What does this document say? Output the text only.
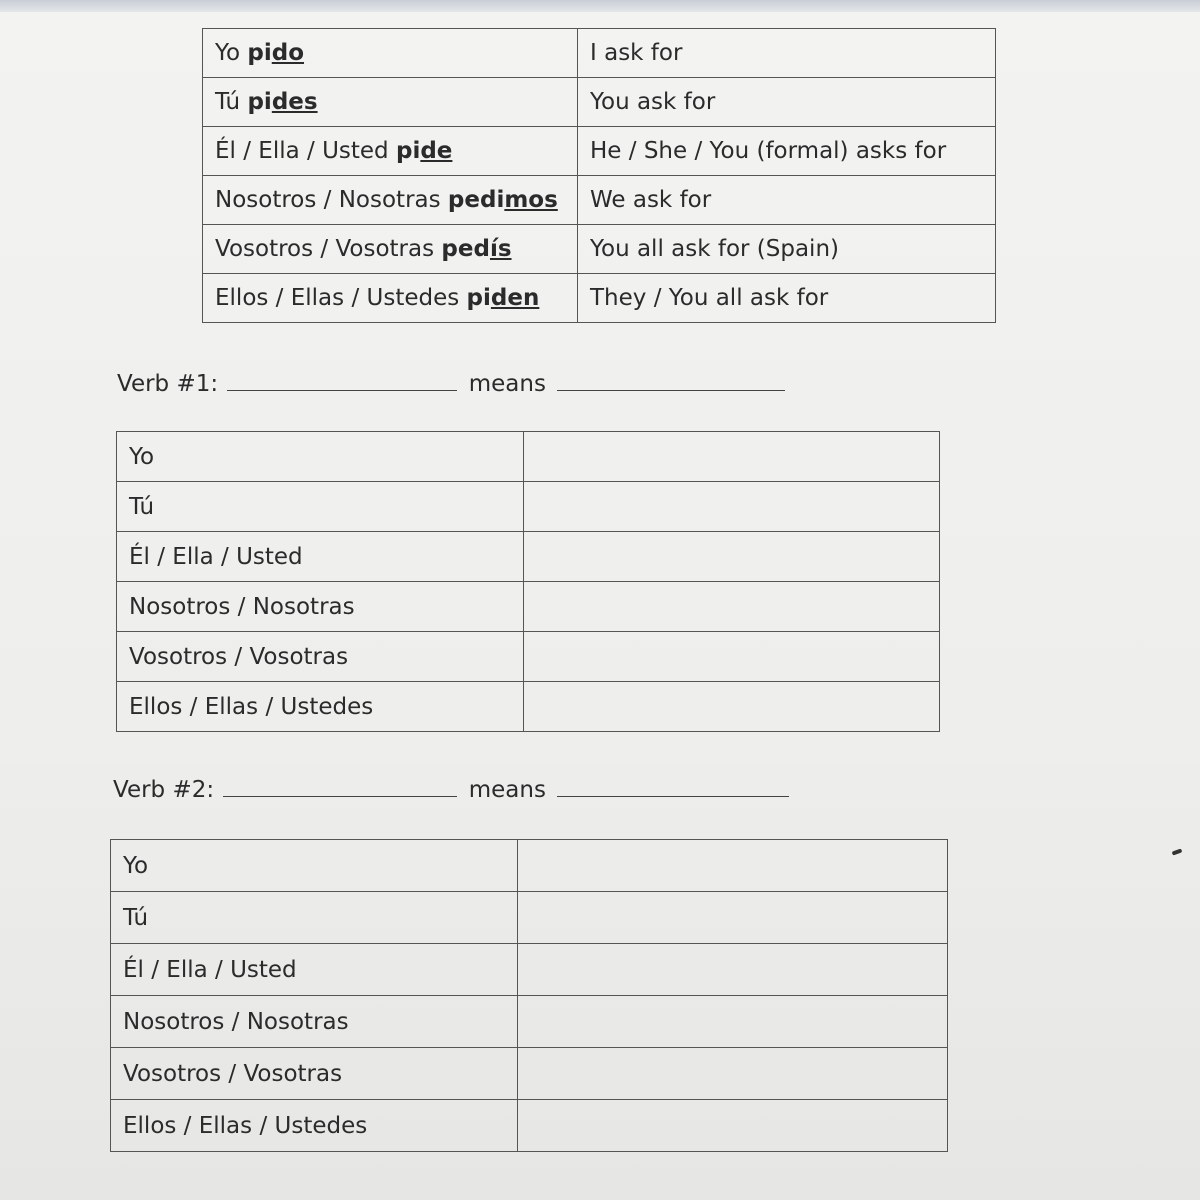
Yo pido	I ask for
Tú pides	You ask for
Él / Ella / Usted pide	He / She / You (formal) asks for
Nosotros / Nosotras pedimos	We ask for
Vosotros / Vosotras pedís	You all ask for (Spain)
Ellos / Ellas / Ustedes piden	They / You all ask for
Verb #1:	means
Yo	
Tú	
Él / Ella / Usted	
Nosotros / Nosotras	
Vosotros / Vosotras	
Ellos / Ellas / Ustedes	
Verb #2:	means
Yo	
Tú	
Él / Ella / Usted	
Nosotros / Nosotras	
Vosotros / Vosotras	
Ellos / Ellas / Ustedes	
